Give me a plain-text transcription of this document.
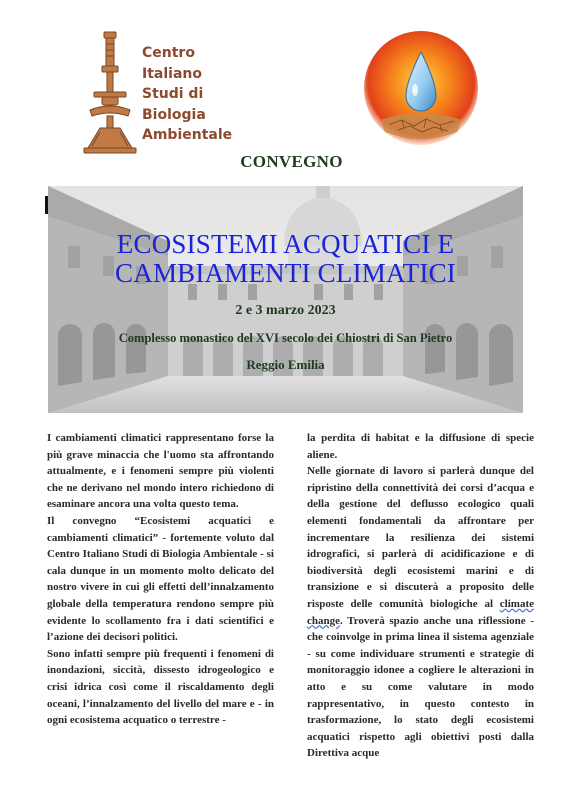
Centro
Italiano
Studi di
Biologia
Ambientale
CONVEGNO
ECOSISTEMI ACQUATICI E
CAMBIAMENTI CLIMATICI
2 e 3 marzo 2023
Complesso monastico del XVI secolo dei Chiostri di San Pietro
Reggio Emilia

I cambiamenti climatici rappresentano forse la più grave minaccia che l'uomo sta affrontando attualmente, e i fenomeni sempre più violenti che ne derivano nel mondo intero richiedono di esaminare ancora una volta questo tema.

Il convegno “Ecosistemi acquatici e cambiamenti climatici” - fortemente voluto dal Centro Italiano Studi di Biologia Ambientale - si cala dunque in un momento molto delicato del nostro vivere in cui gli effetti dell’innalzamento globale della temperatura rendono sempre più evidente lo scollamento fra i dati scientifici e l’azione dei decisori politici.

Sono infatti sempre più frequenti i fenomeni di inondazioni, siccità, dissesto idrogeologico e crisi idrica così come il riscaldamento degli oceani, l’innalzamento del livello del mare e - in ogni ecosistema acquatico o terrestre -

la perdita di habitat e la diffusione di specie aliene.

Nelle giornate di lavoro si parlerà dunque del ripristino della connettività dei corsi d’acqua e della gestione del deflusso ecologico quali elementi fondamentali da affrontare per incrementare la resilienza dei sistemi idrografici, si parlerà di acidificazione e di biodiversità degli ecosistemi marini e di transizione e si discuterà a proposito delle risposte delle comunità biologiche al climate change. Troverà spazio anche una riflessione - che coinvolge in prima linea il sistema agenziale - su come individuare strumenti e strategie di monitoraggio idonee a cogliere le alterazioni in atto e su come valutare in modo rappresentativo, in questo contesto in trasformazione, lo stato degli ecosistemi acquatici rispetto agli obiettivi posti dalla Direttiva acque
